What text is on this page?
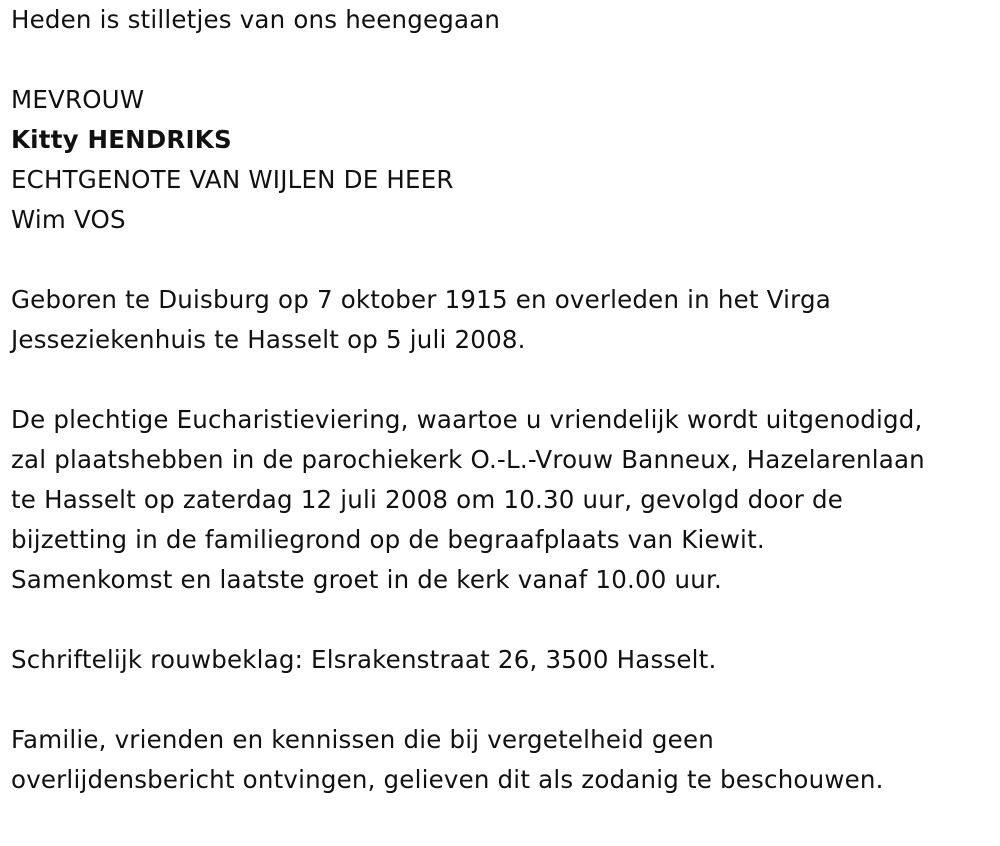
Heden is stilletjes van ons heengegaan
MEVROUW
Kitty HENDRIKS
ECHTGENOTE VAN WIJLEN DE HEER
Wim VOS
Geboren te Duisburg op 7 oktober 1915 en overleden in het Virga
Jesseziekenhuis te Hasselt op 5 juli 2008.
De plechtige Eucharistieviering, waartoe u vriendelijk wordt uitgenodigd,
zal plaatshebben in de parochiekerk O.-L.-Vrouw Banneux, Hazelarenlaan
te Hasselt op zaterdag 12 juli 2008 om 10.30 uur, gevolgd door de
bijzetting in de familiegrond op de begraafplaats van Kiewit.
Samenkomst en laatste groet in de kerk vanaf 10.00 uur.
Schriftelijk rouwbeklag: Elsrakenstraat 26, 3500 Hasselt.
Familie, vrienden en kennissen die bij vergetelheid geen
overlijdensbericht ontvingen, gelieven dit als zodanig te beschouwen.
